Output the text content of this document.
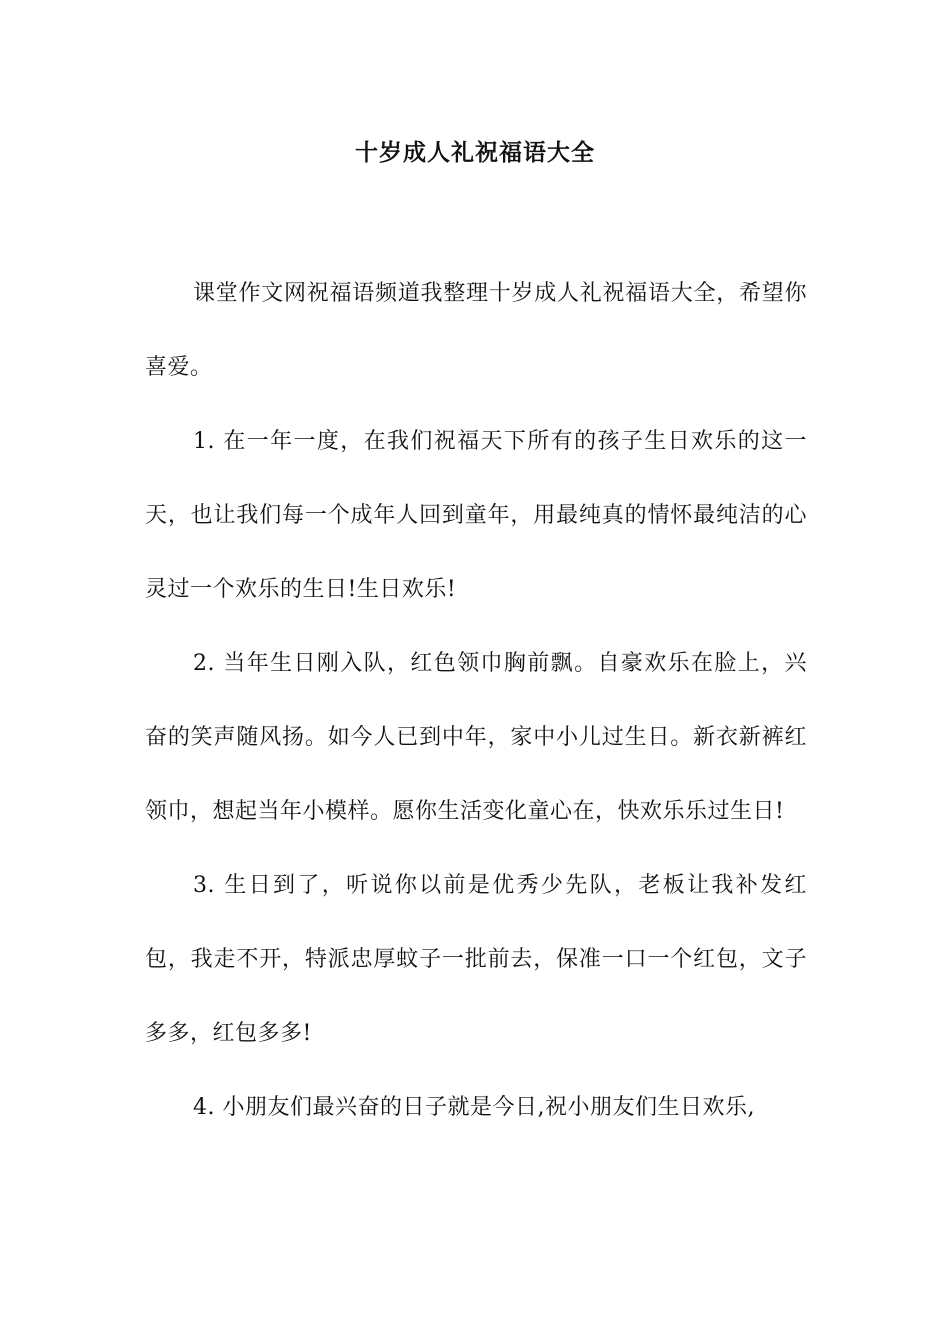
十岁成人礼祝福语大全

课堂作文网祝福语频道我整理十岁成人礼祝福语大全，希望你喜爱。

1. 在一年一度，在我们祝福天下所有的孩子生日欢乐的这一天，也让我们每一个成年人回到童年，用最纯真的情怀最纯洁的心灵过一个欢乐的生日!生日欢乐!

2. 当年生日刚入队，红色领巾胸前飘。自豪欢乐在脸上，兴奋的笑声随风扬。如今人已到中年，家中小儿过生日。新衣新裤红领巾，想起当年小模样。愿你生活变化童心在，快欢乐乐过生日!

3. 生日到了，听说你以前是优秀少先队，老板让我补发红包，我走不开，特派忠厚蚊子一批前去，保准一口一个红包，文子多多，红包多多!

4. 小朋友们最兴奋的日子就是今日,祝小朋友们生日欢乐,
